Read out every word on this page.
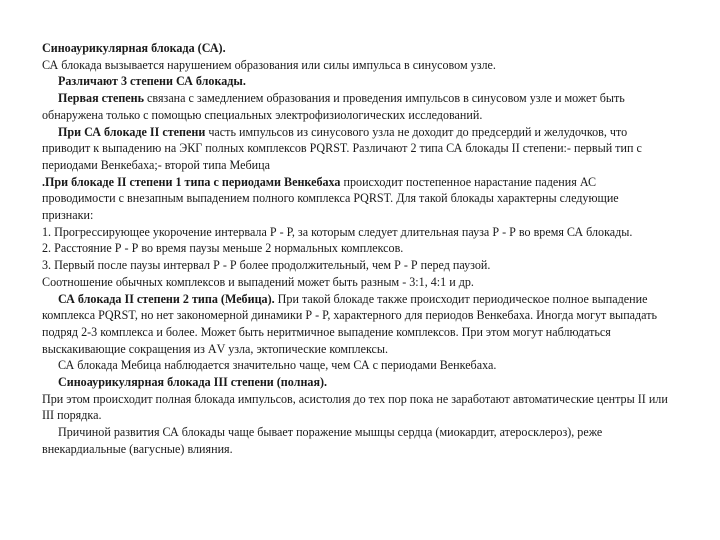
Синоаурикулярная блокада (СА).

СА блокада вызывается нарушением образования или силы импульса в синусовом узле.

Различают 3 степени СА блокады.

Первая степень связана с замедлением образования и проведения импульсов в синусовом узле и может быть обнаружена только с помощью специальных электрофизиологических исследований.

При СА блокаде II степени часть импульсов из синусового узла не доходит до предсердий и желудочков, что приводит к выпадению на ЭКГ полных комплексов PQRST. Различают 2 типа СА блокады II степени:- первый тип с периодами Венкебаха;- второй типа Мебица

.При блокаде II степени 1 типа с периодами Венкебаха происходит постепенное нарастание падения АС проводимости с внезапным выпадением полного комплекса PQRST. Для такой блокады характерны следующие признаки:

1. Прогрессирующее укорочение интервала Р - Р, за которым следует длительная пауза Р - Р во время СА блокады.

2. Расстояние Р - Р во время паузы меньше 2 нормальных комплексов.

3. Первый после паузы интервал Р - Р более продолжительный, чем Р - Р перед паузой.

Соотношение обычных комплексов и выпадений может быть разным - 3:1, 4:1 и др.

СА блокада II степени 2 типа (Мебица). При такой блокаде также происходит периодическое полное выпадение комплекса PQRST, но нет закономерной динамики Р - Р, характерного для периодов Венкебаха. Иногда могут выпадать подряд 2-3 комплекса и более. Может быть неритмичное выпадение комплексов. При этом могут наблюдаться выскакивающие сокращения из АV узла, эктопические комплексы.

СА блокада Мебица наблюдается значительно чаще, чем СА с периодами Венкебаха.

Синоаурикулярная блокада III степени (полная).

При этом происходит полная блокада импульсов, асистолия до тех пор пока не заработают автоматические центры II или III порядка.

Причиной развития СА блокады чаще бывает поражение мышцы сердца (миокардит, атеросклероз), реже внекардиальные (вагусные) влияния.
